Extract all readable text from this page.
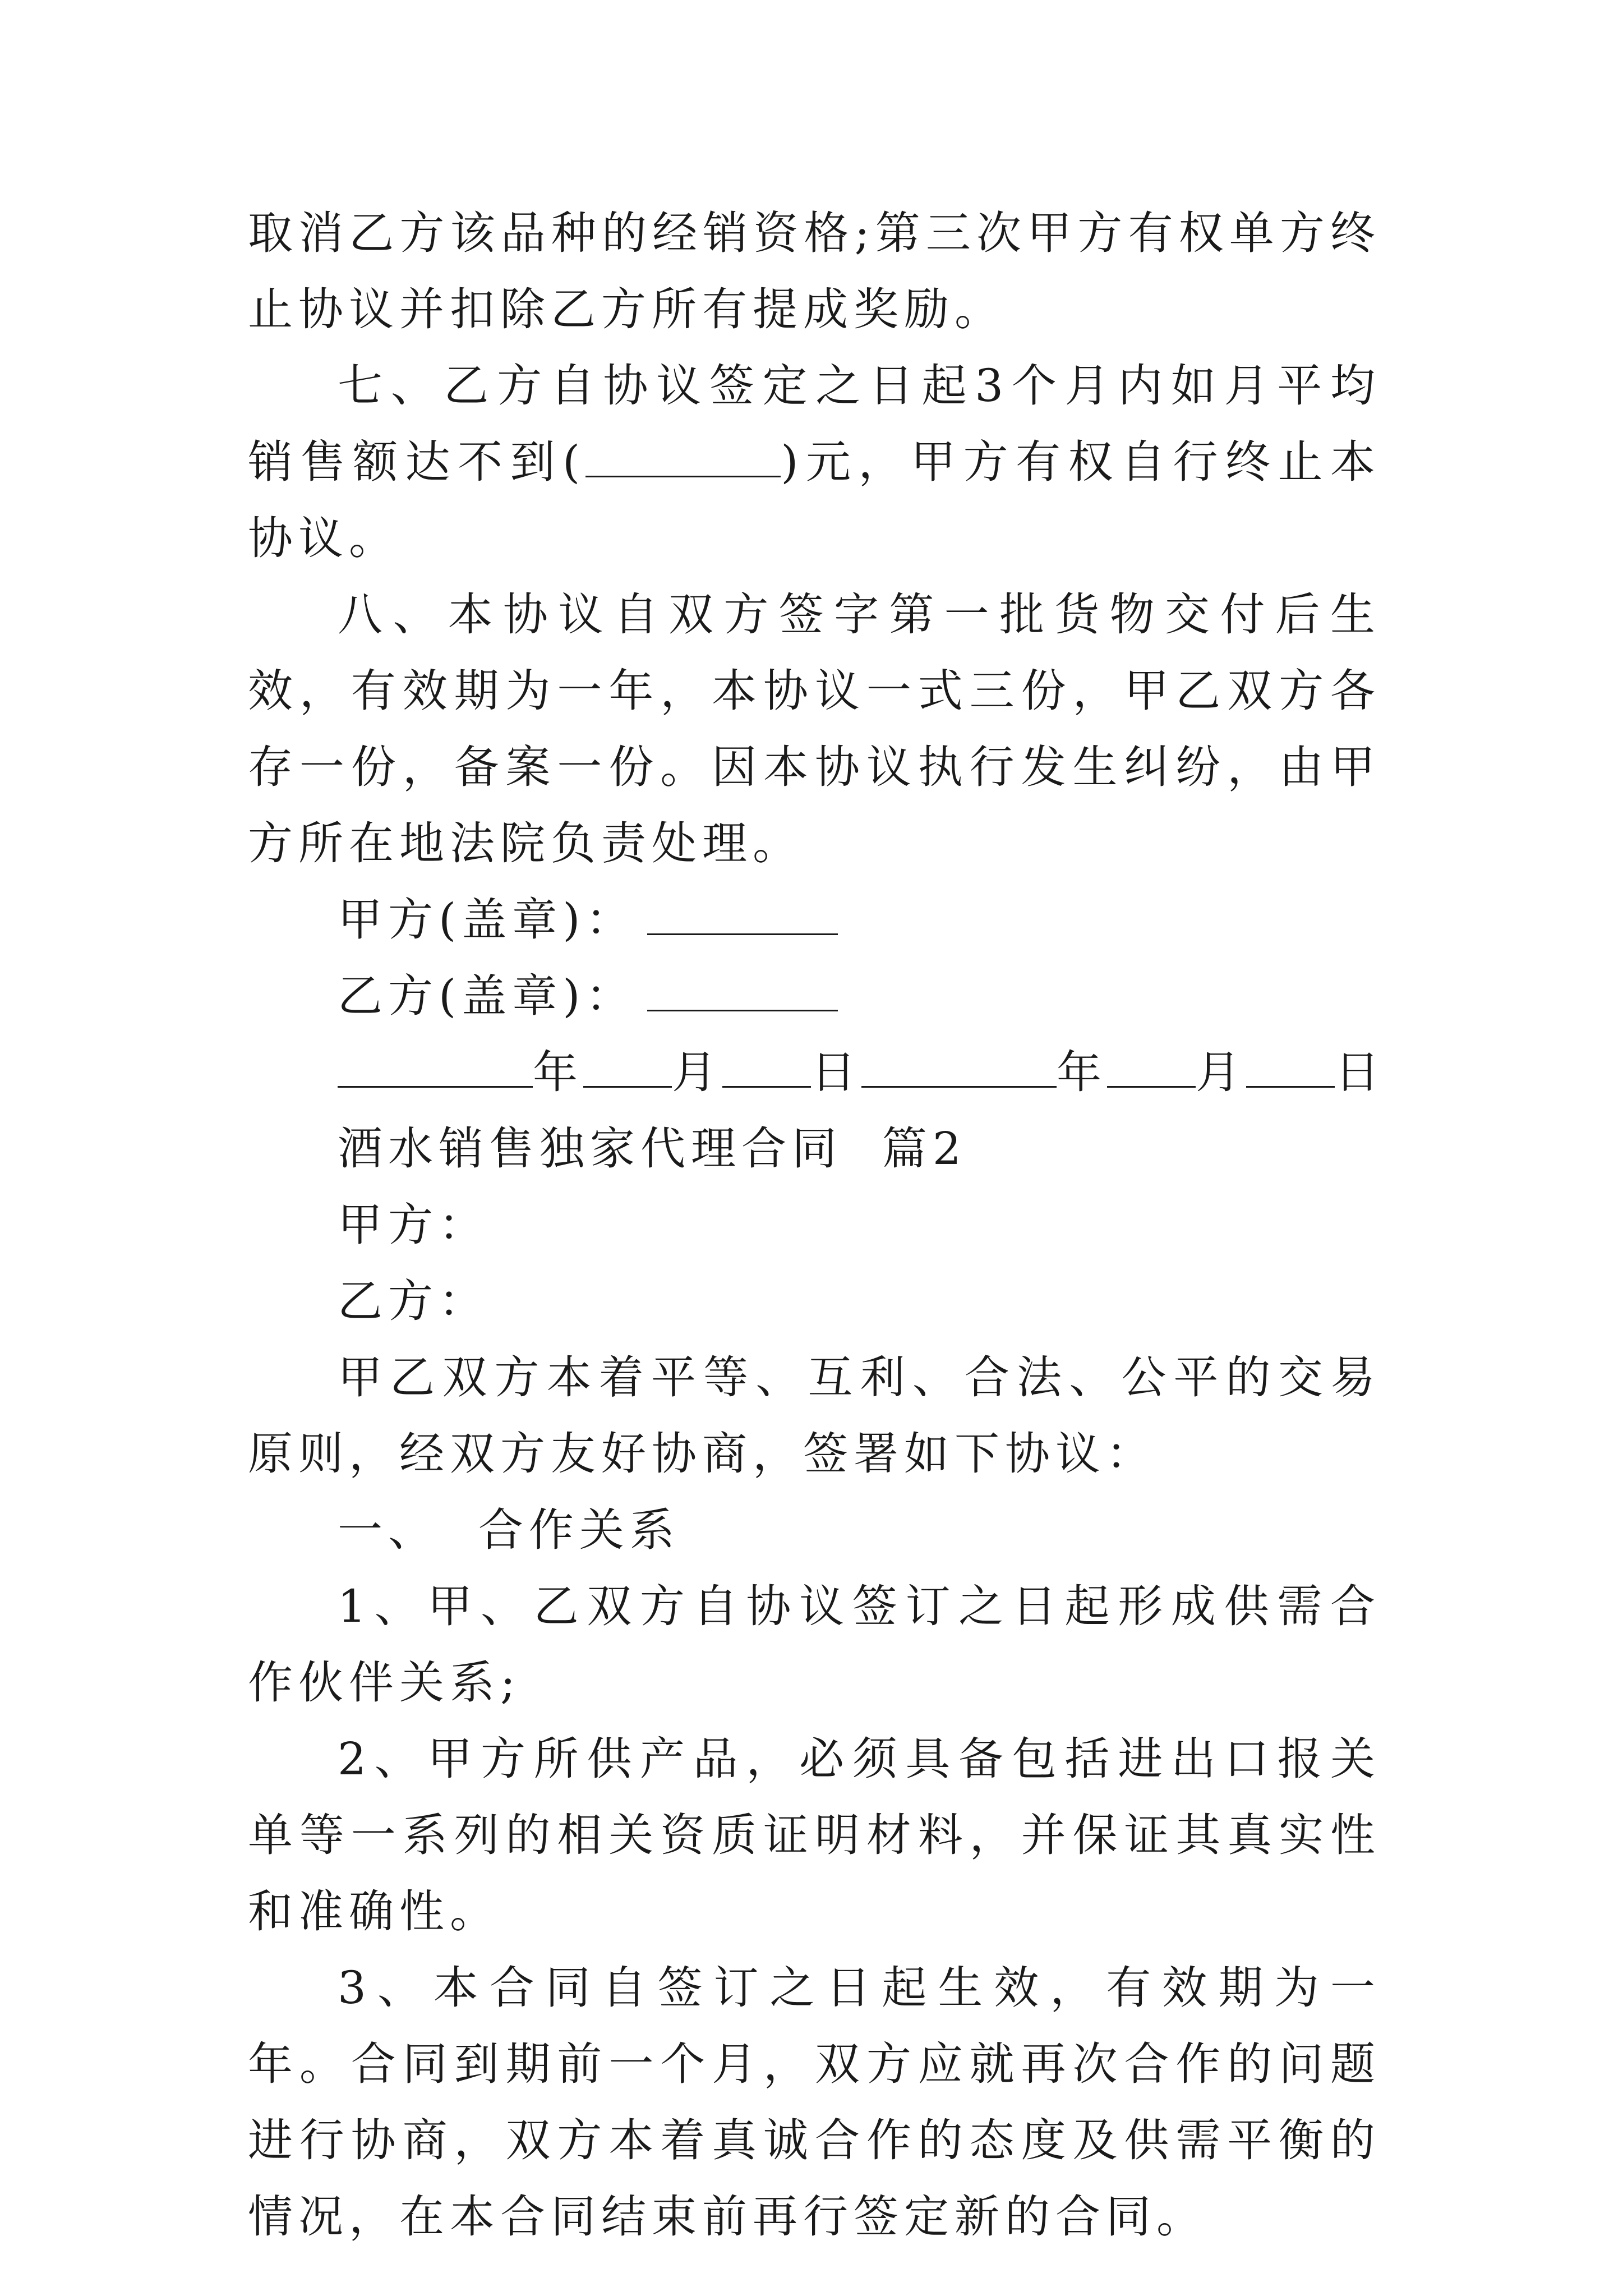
取消乙方该品种的经销资格;第三次甲方有权单方终止协议并扣除乙方所有提成奖励。

七、乙方自协议签定之日起3个月内如月平均销售额达不到(	)元，甲方有权自行终止本协议。

八、本协议自双方签字第一批货物交付后生效，有效期为一年，本协议一式三份，甲乙双方各存一份，备案一份。因本协议执行发生纠纷，由甲方所在地法院负责处理。

甲方(盖章)：

乙方(盖章)：

年 月 日	年 月 日

酒水销售独家代理合同  篇2

甲方：

乙方：

甲乙双方本着平等、互利、合法、公平的交易原则，经双方友好协商，签署如下协议：

一、  合作关系

1、甲、乙双方自协议签订之日起形成供需合作伙伴关系;

2、甲方所供产品，必须具备包括进出口报关单等一系列的相关资质证明材料，并保证其真实性和准确性。

3、本合同自签订之日起生效，有效期为一年。合同到期前一个月，双方应就再次合作的问题进行协商，双方本着真诚合作的态度及供需平衡的情况，在本合同结束前再行签定新的合同。
